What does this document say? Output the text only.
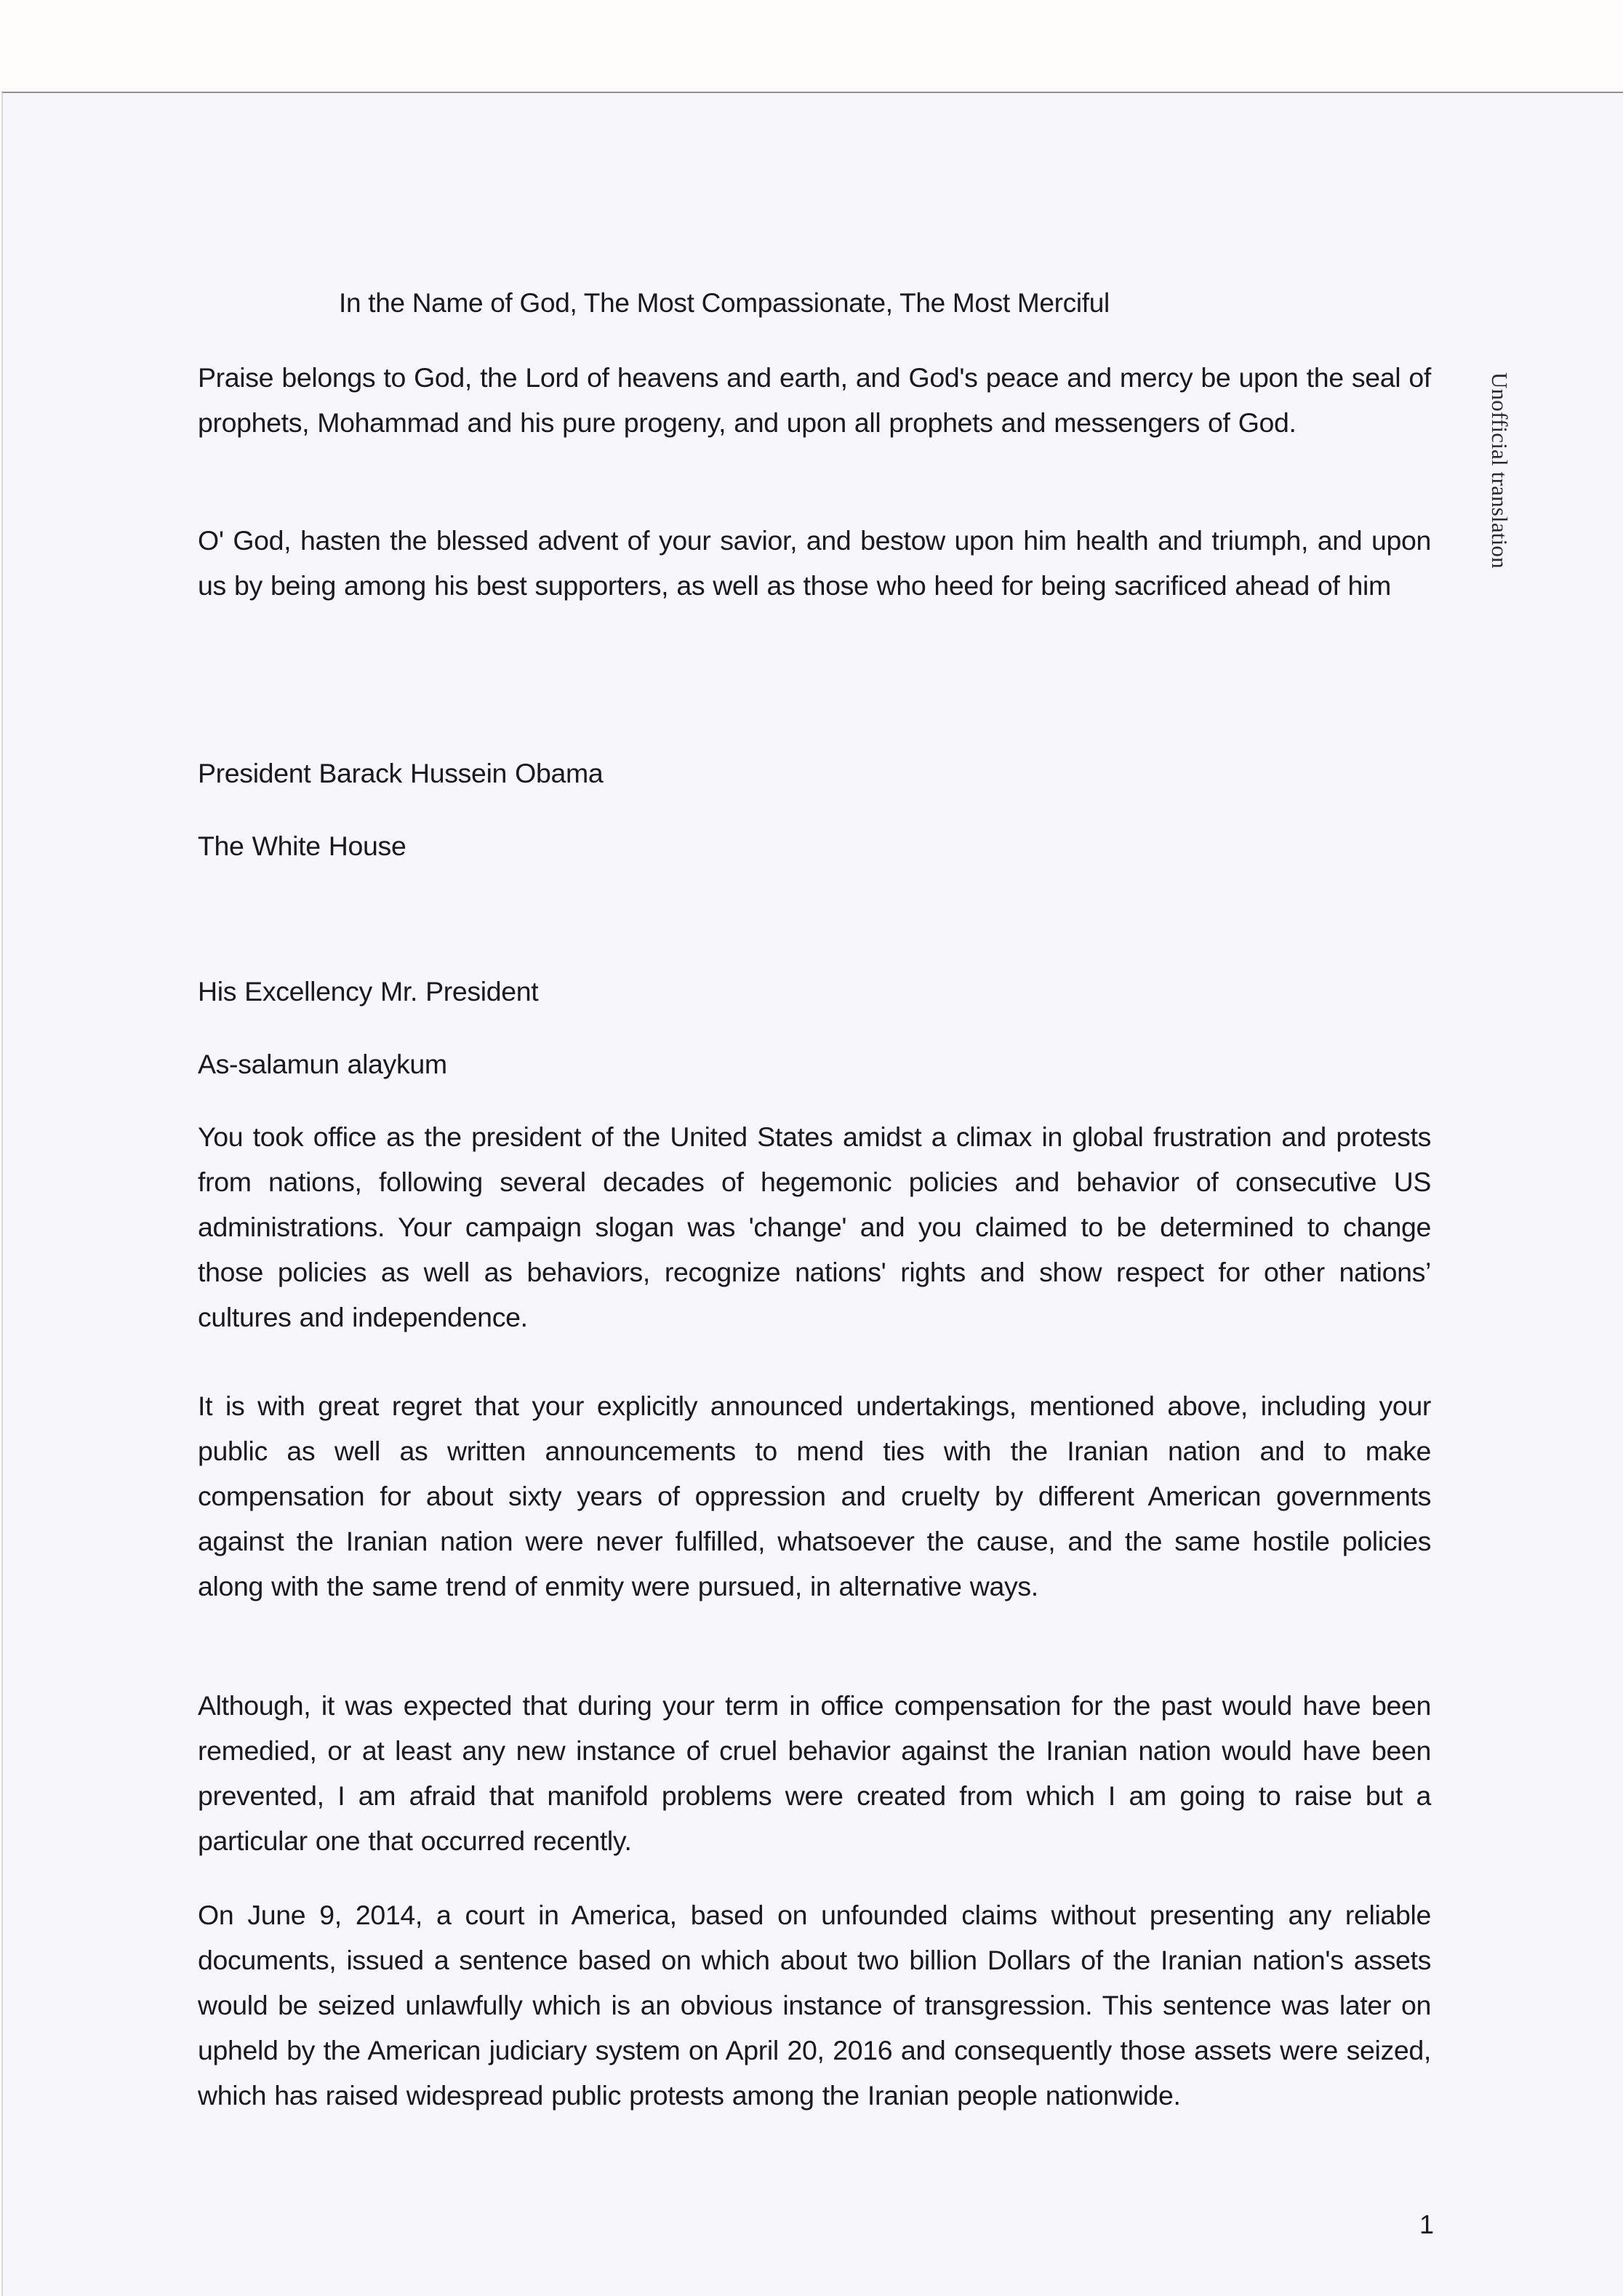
Unofficial translation
In the Name of God, The Most Compassionate, The Most Merciful

Praise belongs to God, the Lord of heavens and earth, and God's peace and mercy be upon the seal of prophets, Mohammad and his pure progeny, and upon all prophets and messengers of God.

O' God, hasten the blessed advent of your savior, and bestow upon him health and triumph, and upon us by being among his best supporters, as well as those who heed for being sacrificed ahead of him

President Barack Hussein Obama

The White House

His Excellency Mr. President

As-salamun alaykum

You took office as the president of the United States amidst a climax in global frustration and protests from nations, following several decades of hegemonic policies and behavior of consecutive US administrations. Your campaign slogan was 'change' and you claimed to be determined to change those policies as well as behaviors, recognize nations' rights and show respect for other nations’ cultures and independence.

It is with great regret that your explicitly announced undertakings, mentioned above, including your public as well as written announcements to mend ties with the Iranian nation and to make compensation for about sixty years of oppression and cruelty by different American governments against the Iranian nation were never fulfilled, whatsoever the cause, and the same hostile policies along with the same trend of enmity were pursued, in alternative ways.

Although, it was expected that during your term in office compensation for the past would have been remedied, or at least any new instance of cruel behavior against the Iranian nation would have been prevented, I am afraid that manifold problems were created from which I am going to raise but a particular one that occurred recently.

On June 9, 2014, a court in America, based on unfounded claims without presenting any reliable documents, issued a sentence based on which about two billion Dollars of the Iranian nation's assets would be seized unlawfully which is an obvious instance of transgression. This sentence was later on upheld by the American judiciary system on April 20, 2016 and consequently those assets were seized, which has raised widespread public protests among the Iranian people nationwide.

1
